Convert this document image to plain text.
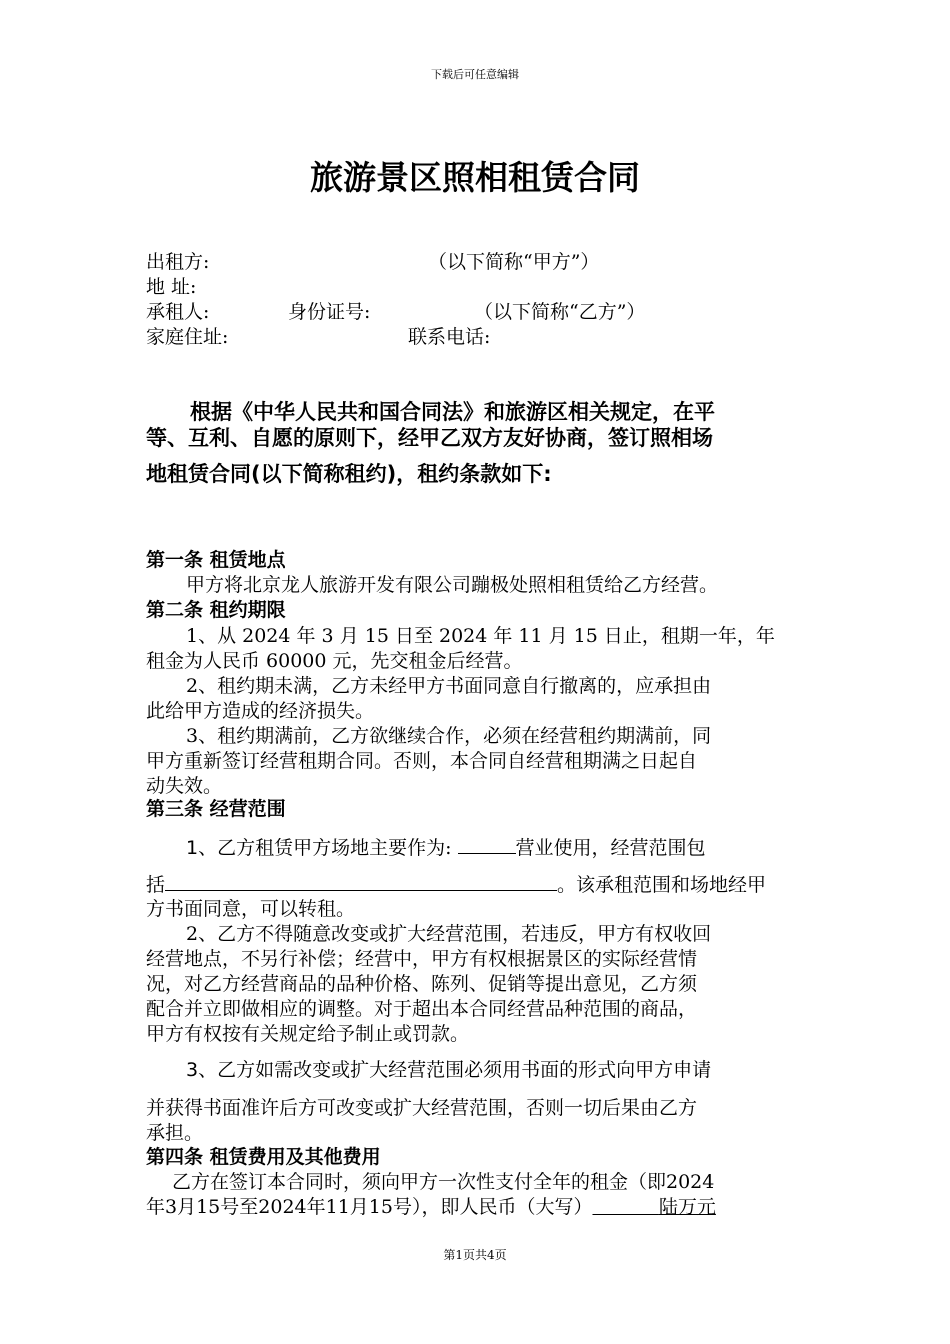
下载后可任意编辑
旅游景区照相租赁合同
出租方:	（以下简称“甲方”）
地 址:
承租人:	身份证号:	（以下简称“乙方”）
家庭住址:	联系电话:
根据《中华人民共和国合同法》和旅游区相关规定，在平
等、互利、自愿的原则下，经甲乙双方友好协商，签订照相场
地租赁合同(以下简称租约)，租约条款如下:
第一条 租赁地点
甲方将北京龙人旅游开发有限公司蹦极处照相租赁给乙方经营。
第二条 租约期限
1、从 2024 年 3 月 15 日至 2024 年 11 月 15 日止，租期一年，年
租金为人民币 60000 元，先交租金后经营。
2、租约期未满，乙方未经甲方书面同意自行撤离的，应承担由
此给甲方造成的经济损失。
3、租约期满前，乙方欲继续合作，必须在经营租约期满前，同
甲方重新签订经营租期合同。否则，本合同自经营租期满之日起自
动失效。
第三条 经营范围
1、乙方租赁甲方场地主要作为:	营业使用，经营范围包
括	。该承租范围和场地经甲
方书面同意，可以转租。
2、乙方不得随意改变或扩大经营范围，若违反，甲方有权收回
经营地点，不另行补偿；经营中，甲方有权根据景区的实际经营情
况，对乙方经营商品的品种价格、陈列、促销等提出意见，乙方须
配合并立即做相应的调整。对于超出本合同经营品种范围的商品，
甲方有权按有关规定给予制止或罚款。
3、乙方如需改变或扩大经营范围必须用书面的形式向甲方申请
并获得书面准许后方可改变或扩大经营范围，否则一切后果由乙方
承担。
第四条 租赁费用及其他费用
乙方在签订本合同时，须向甲方一次性支付全年的租金（即2024
年3月15号至2024年11月15号），即人民币（大写）	陆万元
第1页共4页
